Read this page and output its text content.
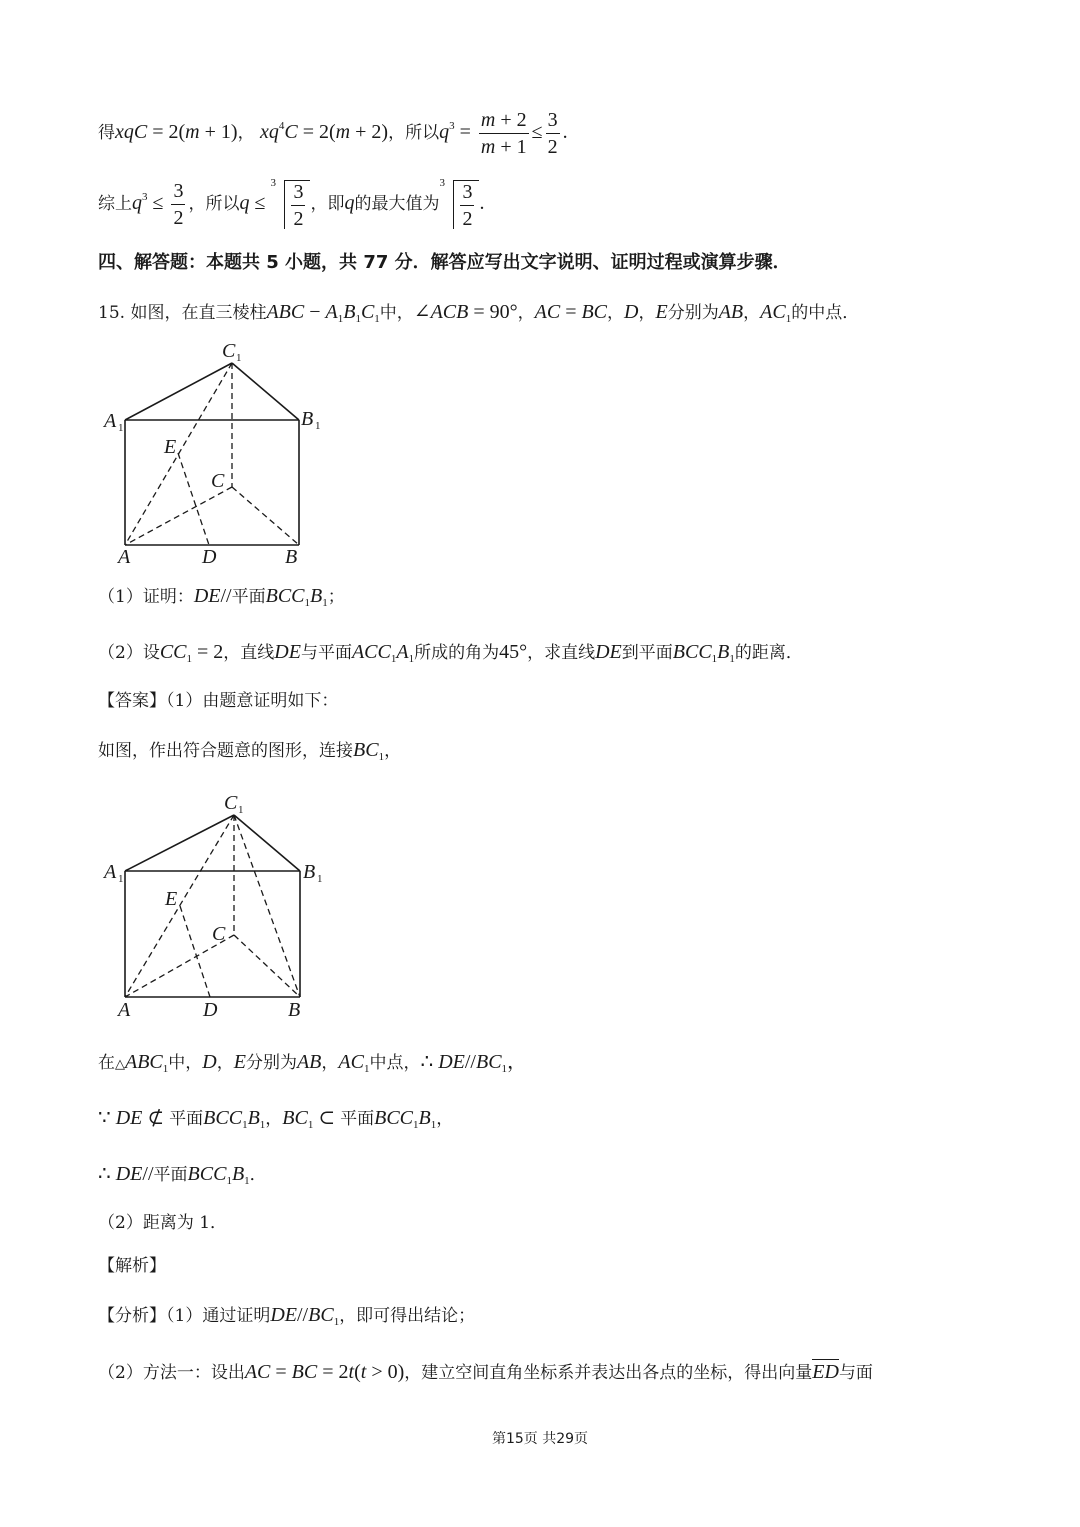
得xqC = 2(m + 1)， $xq^4C = 2(m + 2)$，所以$q^3 = \frac{m + 2}{m + 1} \le \frac{3}{2}$ .
综上$q^3 \le \frac{3}{2}$ ，所以q ≤
$3 \frac{3}{2}$ ，即q的最大值为
$3 \frac{3}{2}$ .
四、解答题：本题共 5 小题，共 77 分．解答应写出文字说明、证明过程或演算步骤．
15. 如图，在直三棱柱ABC − $A_1B_1C_1$中，∠ACB = 90°，AC = BC，D，E分别为AB，$AC_1$的中点．
C 1
A 1	B 1
E
C
A	D	B
（1）证明：DE//平面$BCC_1B_1$；
（2）设$CC_1 = 2$，直线DE与平面$ACC_1A_1$所成的角为45°，求直线DE到平面$BCC_1B_1$的距离．
【答案】（1）由题意证明如下：
如图，作出符合题意的图形，连接$BC_1$，
C 1
A 1	B 1
E
C
A	D	B
在$\triangle ABC_1$中，D，E分别为AB，$AC_1$中点，∴ $DE//BC_1$，
∵ DE ⊄ 平面$BCC_1B_1$，$BC_1$ ⊂ 平面$BCC_1B_1$，
∴ DE//平面$BCC_1B_1$．
（2）距离为 1．
【解析】
【分析】（1）通过证明$DE//BC_1$，即可得出结论；
（2）方法一：设出AC = BC = 2t(t > 0)，建立空间直角坐标系并表达出各点的坐标，得出向量ED与面
第15页 共29页
